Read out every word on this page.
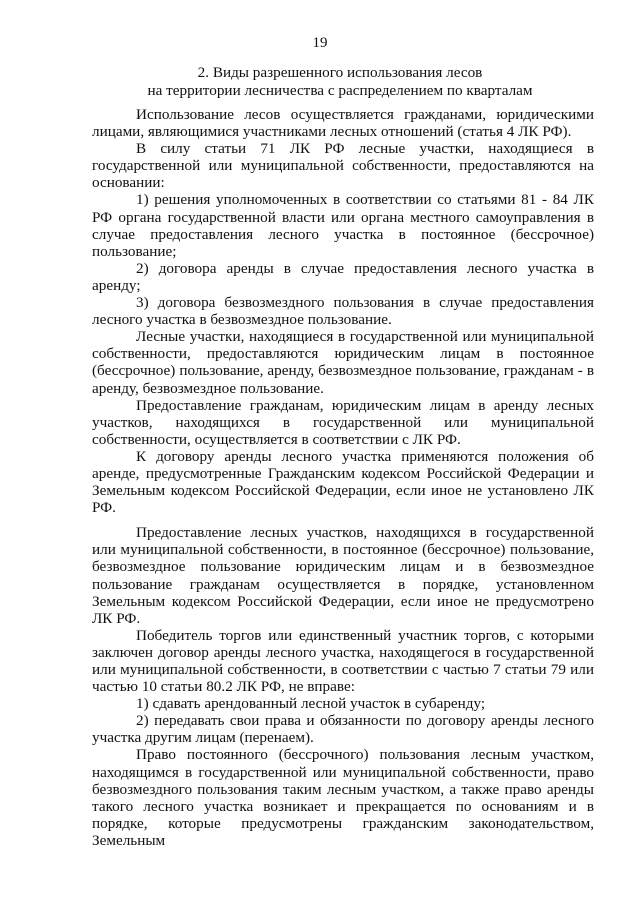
19
2. Виды разрешенного использования лесов
на территории лесничества с распределением по кварталам

Использование лесов осуществляется гражданами, юридическими лицами, являющимися участниками лесных отношений (статья 4 ЛК РФ).

В силу статьи 71 ЛК РФ лесные участки, находящиеся в государственной или муниципальной собственности, предоставляются на основании:

1) решения уполномоченных в соответствии со статьями 81 - 84 ЛК РФ органа государственной власти или органа местного самоуправления в случае предоставления лесного участка в постоянное (бессрочное) пользование;

2) договора аренды в случае предоставления лесного участка в аренду;

3) договора безвозмездного пользования в случае предоставления лесного участка в безвозмездное пользование.

Лесные участки, находящиеся в государственной или муниципальной собственности, предоставляются юридическим лицам в постоянное (бессрочное) пользование, аренду, безвозмездное пользование, гражданам - в аренду, безвозмездное пользование.

Предоставление гражданам, юридическим лицам в аренду лесных участков, находящихся в государственной или муниципальной собственности, осуществляется в соответствии с ЛК РФ.

К договору аренды лесного участка применяются положения об аренде, предусмотренные Гражданским кодексом Российской Федерации и Земельным кодексом Российской Федерации, если иное не установлено ЛК РФ.

Предоставление лесных участков, находящихся в государственной или муниципальной собственности, в постоянное (бессрочное) пользование, безвозмездное пользование юридическим лицам и в безвозмездное пользование гражданам осуществляется в порядке, установленном Земельным кодексом Российской Федерации, если иное не предусмотрено ЛК РФ.

Победитель торгов или единственный участник торгов, с которыми заключен договор аренды лесного участка, находящегося в государственной или муниципальной собственности, в соответствии с частью 7 статьи 79 или частью 10 статьи 80.2 ЛК РФ, не вправе:

1) сдавать арендованный лесной участок в субаренду;

2) передавать свои права и обязанности по договору аренды лесного участка другим лицам (перенаем).

Право постоянного (бессрочного) пользования лесным участком, находящимся в государственной или муниципальной собственности, право безвозмездного пользования таким лесным участком, а также право аренды такого лесного участка возникает и прекращается по основаниям и в порядке, которые предусмотрены гражданским законодательством, Земельным
